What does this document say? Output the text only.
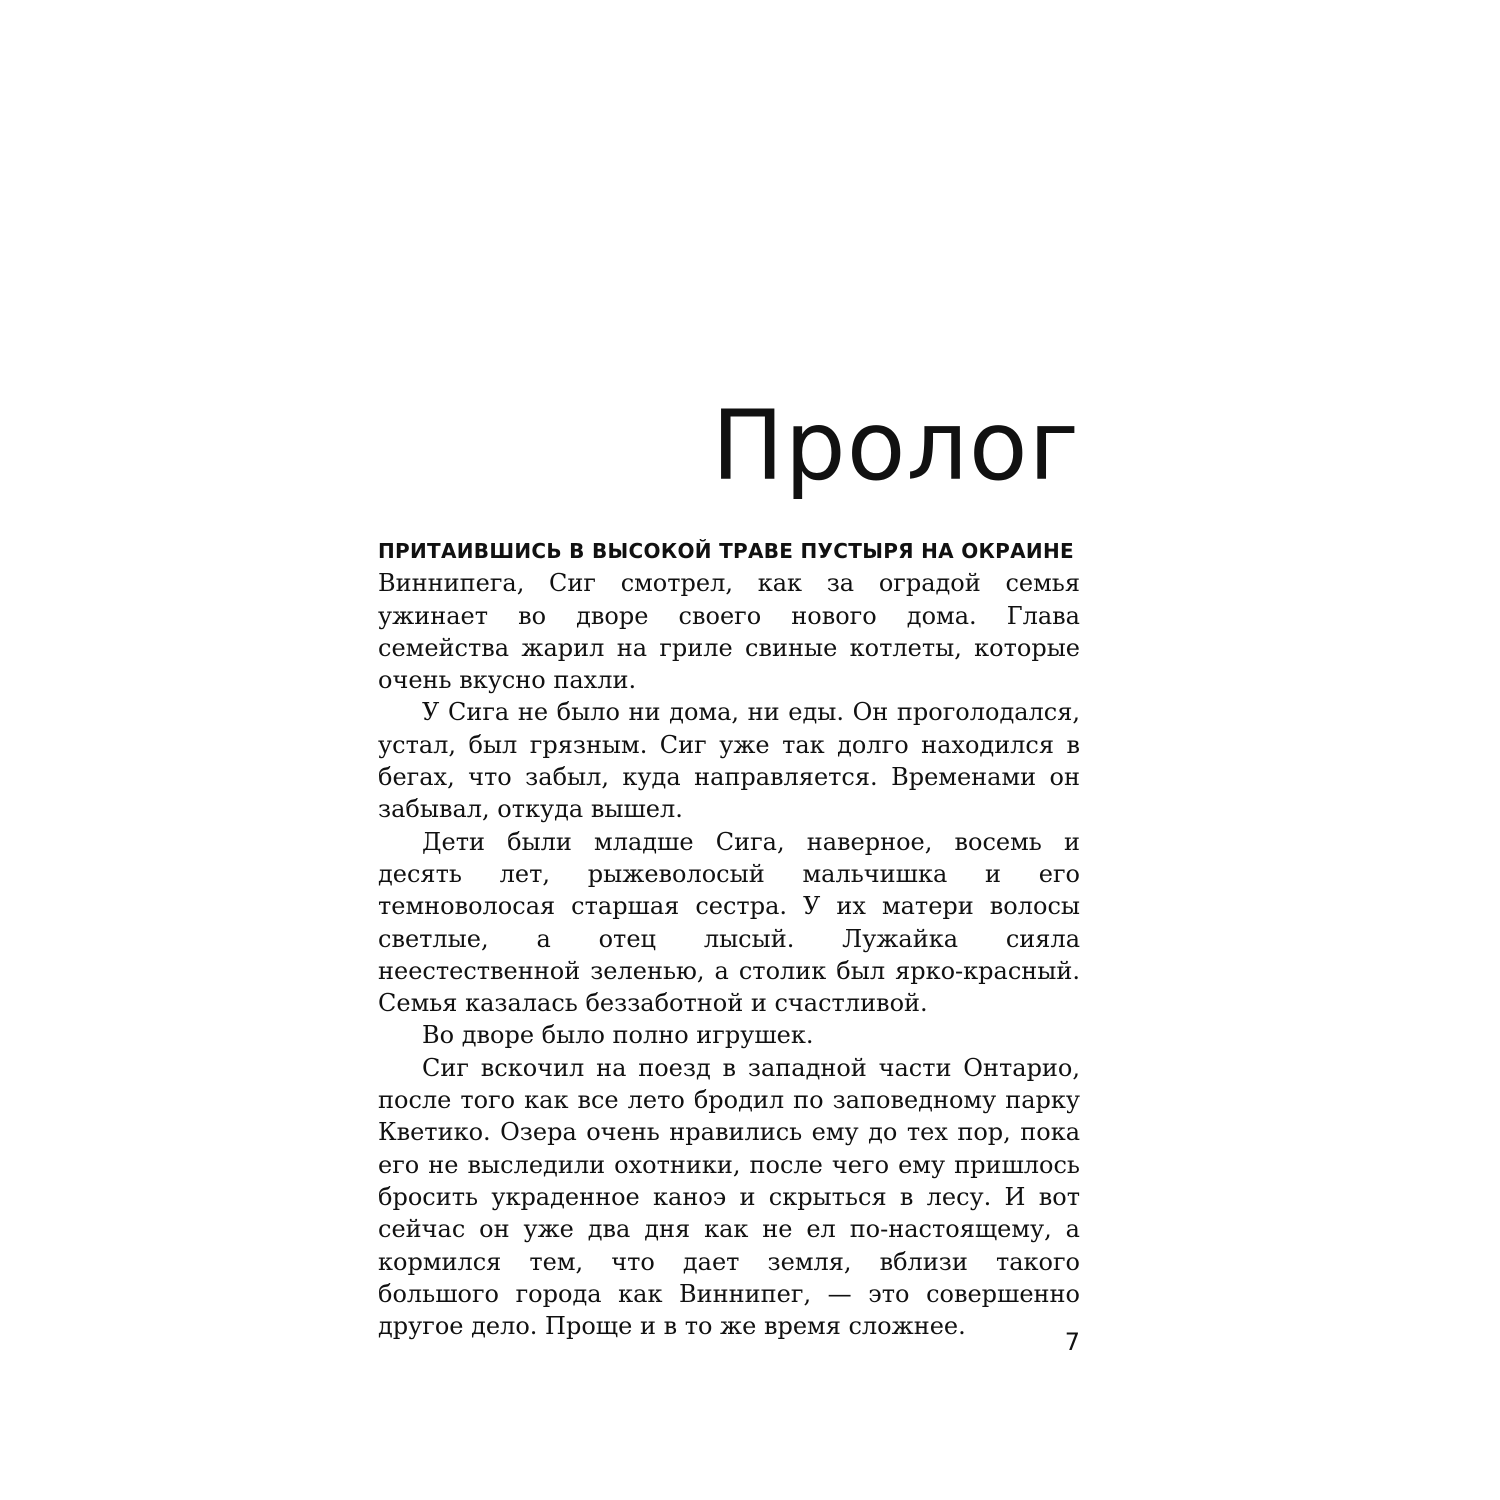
Пролог

ПРИТАИВШИСЬ В ВЫСОКОЙ ТРАВЕ ПУСТЫРЯ НА ОКРАИНЕ
Виннипега, Сиг смотрел, как за оградой семья ужинает во дворе своего нового дома. Глава семейства жарил на гриле свиные котлеты, которые очень вкусно пахли.

У Сига не было ни дома, ни еды. Он проголодался, устал, был грязным. Сиг уже так долго находился в бегах, что забыл, куда направляется. Временами он забывал, откуда вышел.

Дети были младше Сига, наверное, восемь и десять лет, рыжеволосый мальчишка и его темноволосая старшая сестра. У их матери волосы светлые, а отец лысый. Лужайка сияла неестественной зеленью, а столик был ярко-красный. Семья казалась беззаботной и счастливой.

Во дворе было полно игрушек.

Сиг вскочил на поезд в западной части Онтарио, после того как все лето бродил по заповедному парку Кветико. Озера очень нравились ему до тех пор, пока его не выследили охотники, после чего ему пришлось бросить украденное каноэ и скрыться в лесу. И вот сейчас он уже два дня как не ел по-настоящему, а кормился тем, что дает земля, вблизи такого большого города как Виннипег, — это совершенно другое дело. Проще и в то же время сложнее.

7
